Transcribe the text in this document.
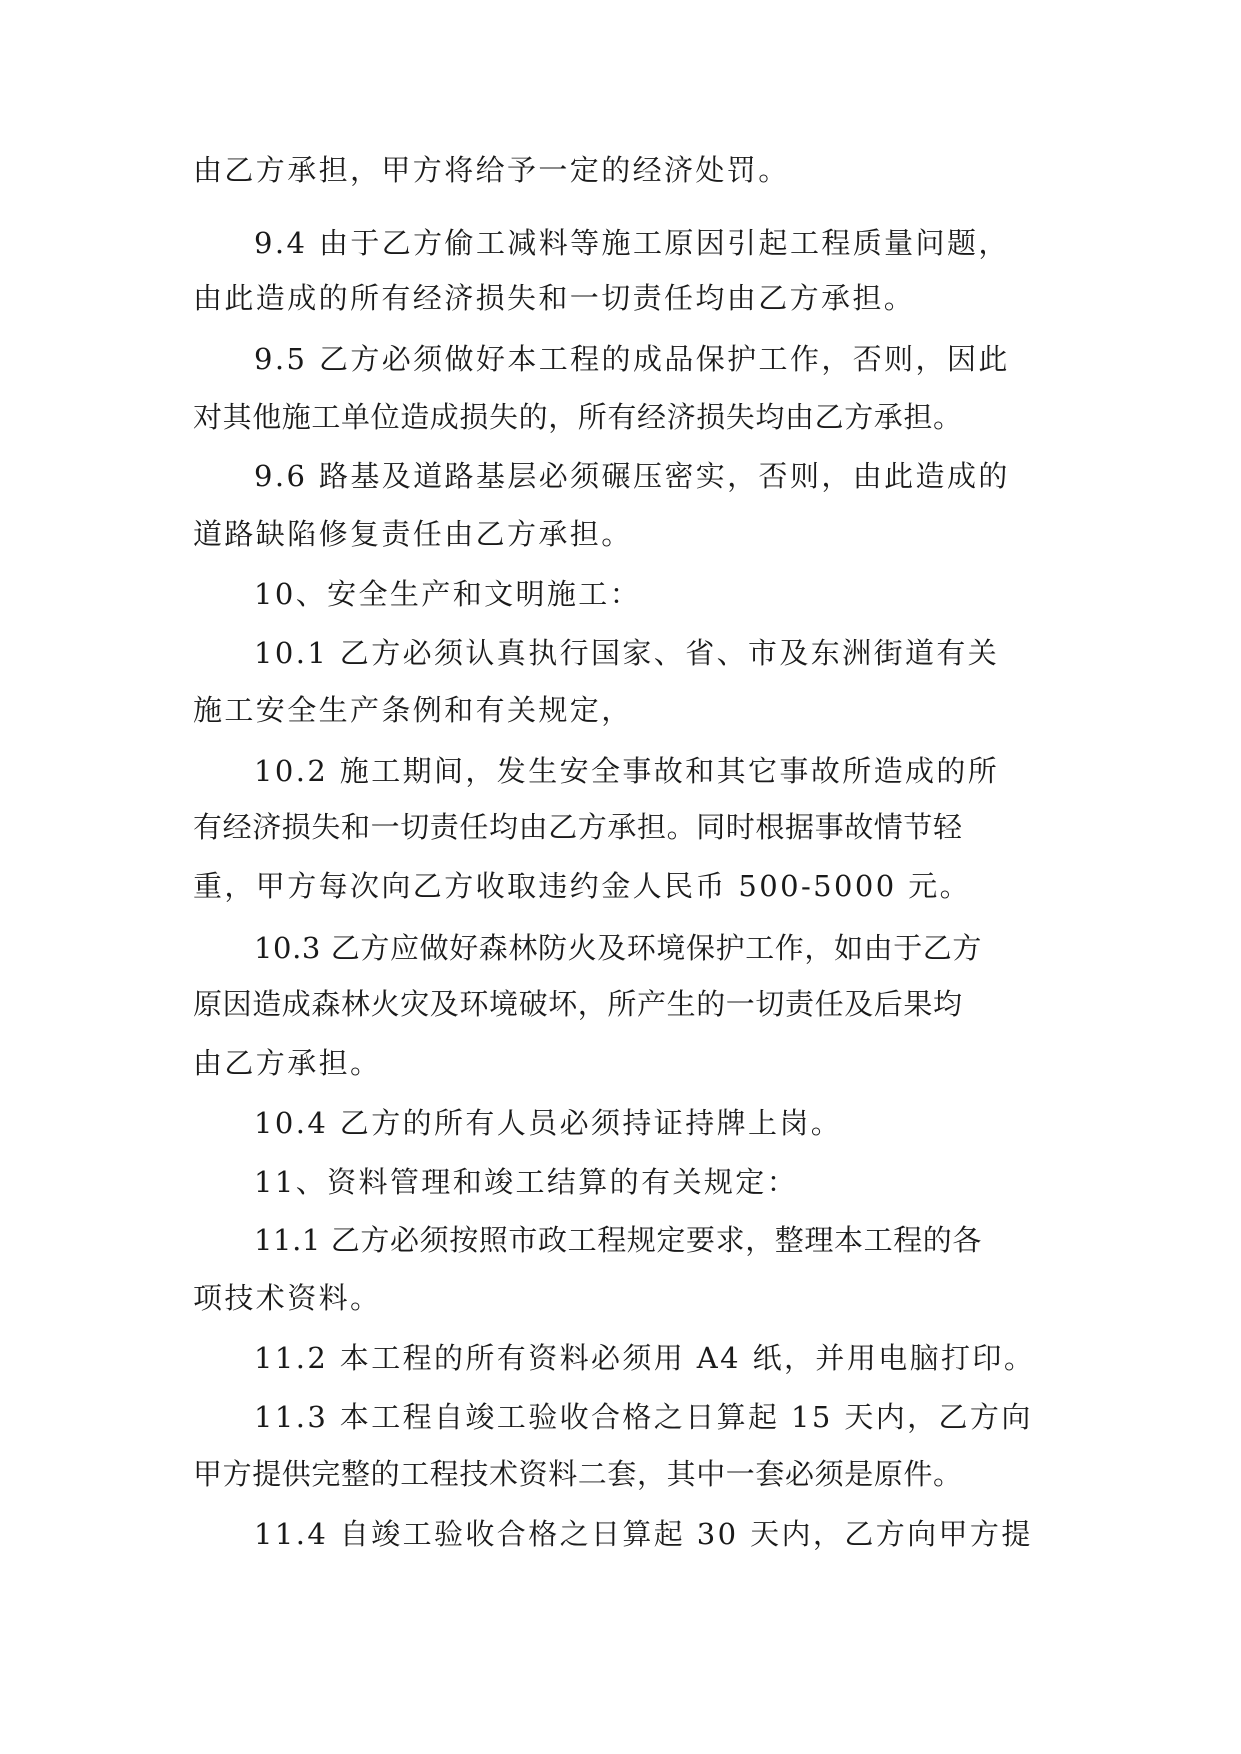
由乙方承担，甲方将给予一定的经济处罚。
9.4 由于乙方偷工减料等施工原因引起工程质量问题，
由此造成的所有经济损失和一切责任均由乙方承担。
9.5 乙方必须做好本工程的成品保护工作，否则，因此
对其他施工单位造成损失的，所有经济损失均由乙方承担。
9.6 路基及道路基层必须碾压密实，否则，由此造成的
道路缺陷修复责任由乙方承担。
10、安全生产和文明施工：
10.1 乙方必须认真执行国家、省、市及东洲街道有关
施工安全生产条例和有关规定，
10.2 施工期间，发生安全事故和其它事故所造成的所
有经济损失和一切责任均由乙方承担。同时根据事故情节轻
重，甲方每次向乙方收取违约金人民币 500-5000 元。
10.3 乙方应做好森林防火及环境保护工作，如由于乙方
原因造成森林火灾及环境破坏，所产生的一切责任及后果均
由乙方承担。
10.4 乙方的所有人员必须持证持牌上岗。
11、资料管理和竣工结算的有关规定：
11.1 乙方必须按照市政工程规定要求，整理本工程的各
项技术资料。
11.2 本工程的所有资料必须用 A4 纸，并用电脑打印。
11.3 本工程自竣工验收合格之日算起 15 天内，乙方向
甲方提供完整的工程技术资料二套，其中一套必须是原件。
11.4 自竣工验收合格之日算起 30 天内，乙方向甲方提
